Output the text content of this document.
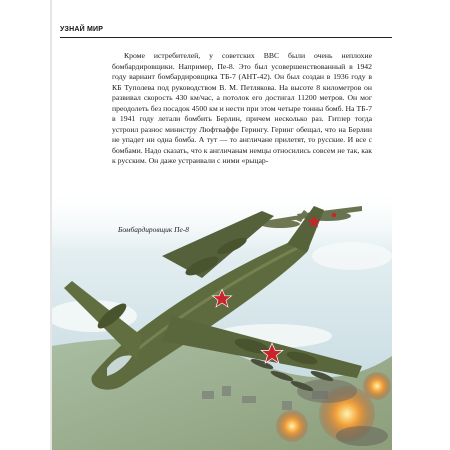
УЗНАЙ МИР

Кроме истребителей, у советских ВВС были очень неплохие бомбардировщики. Например, Пе-8. Это был усовершенствованный в 1942 году вариант бомбардировщика ТБ-7 (АНТ-42). Он был создан в 1936 году в КБ Туполева под руководством В. М. Петлякова. На высоте 8 километров он развивал скорость 430 км/час, а потолок его достигал 11200 метров. Он мог преодолеть без посадок 4500 км и нести при этом четыре тонны бомб. На ТБ-7 в 1941 году летали бомбить Берлин, причем несколько раз. Гитлер тогда устроил разнос министру Люфтваффе Герингу. Геринг обещал, что на Берлин не упадет ни одна бомба. А тут — то англичане прилетят, то русские. И все с бомбами. Надо сказать, что к англичанам немцы относились совсем не так, как к русским. Он даже устраивали с ними «рыцар-

Бомбардировщик Пе-8
